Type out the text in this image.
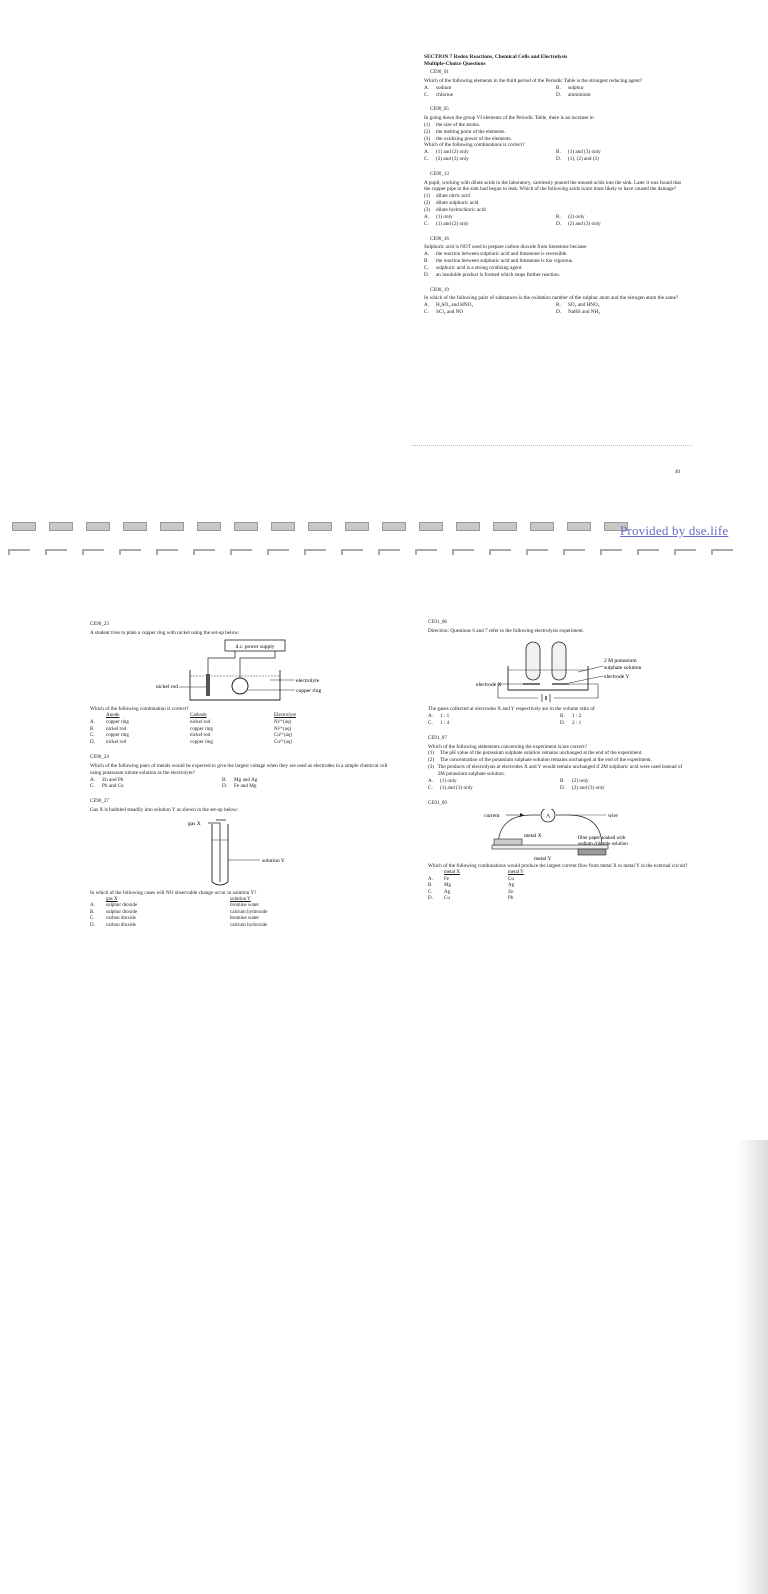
SECTION 7 Redox Reactions, Chemical Cells and Electrolysis
Multiple-Choice Questions
CE90_01
Which of the following elements in the third period of the Periodic Table is the strongest reducing agent?
A.	sodium	B.	sulphur
C.	chlorine	D.	aluminium
CE90_05
In going down the group VI elements of the Periodic Table, there is an increase in
(1)	the size of the atoms.
(2)	the melting point of the elements.
(3)	the oxidizing power of the elements.
Which of the following combinations is correct?
A.	(1) and (2) only	B.	(1) and (3) only
C.	(2) and (3) only	D.	(1), (2) and (3)
CE90_13
A pupil, working with dilute acids in the laboratory, carelessly poured the unused acids into the sink. Later it was found that the copper pipe in the sink had begun to leak. Which of the following acids is/are most likely to have caused the damage?
(1)	dilute nitric acid
(2)	dilute sulphuric acid
(3)	dilute hydrochloric acid
A.	(1) only	B.	(2) only
C.	(1) and (2) only	D.	(2) and (3) only
CE90_16
Sulphuric acid is NOT used to prepare carbon dioxide from limestone because
A.	the reaction between sulphuric acid and limestone is reversible.
B.	the reaction between sulphuric acid and limestone is too vigorous.
C.	sulphuric acid is a strong oxidizing agent.
D.	an insoluble product is formed which stops further reaction.
CE90_19
In which of the following pairs of substances is the oxidation number of the sulphur atom and the nitrogen atom the same?
A.	H₂SO₄ and HNO₂	B.	SO₂ and HNO₃
C.	SCl₂ and NO	D.	NaHS and NH₃
40
Provided by dse.life
CE90_23
A student tries to plate a copper ring with nickel using the set-up below:
d.c. power supply
nickel rod
electrolyte
copper ring
Which of the following combination is correct?
	Anode	Cathode	Electrolyte
A.	copper ring	nickel rod	Ni²⁺(aq)
B.	nickel rod	copper ring	Ni²⁺(aq)
C.	copper ring	nickel rod	Cu²⁺(aq)
D.	nickel rod	copper ring	Cu²⁺(aq)
CE90_24
Which of the following pairs of metals would be expected to give the largest voltage when they are used as electrodes in a simple chemical cell using potassium nitrate solution as the electrolyte?
A.	Zn and Pb	B.	Mg and Ag
C.	Pb and Cu	D.	Fe and Mg
CE90_27
Gas X is bubbled steadily into solution Y as shown in the set-up below:
gas X
solution Y
In which of the following cases will NO observable change occur in solution Y?
	gas X	solution Y
A.	sulphur dioxide	bromine water
B.	sulphur dioxide	calcium hydroxide
C.	carbon dioxide	bromine water
D.	carbon dioxide	calcium hydroxide
CE91_06
Direction: Questions 6 and 7 refer to the following electrolysis experiment.
electrode X
2 M potassium
sulphate solution
electrode Y
The gases collected at electrodes X and Y respectively are in the volume ratio of
A.	1 : 1	B.	1 : 2
C.	1 : 4	D.	2 : 1
CE91_07
Which of the following statements concerning the experiment is/are correct?
(1)	The pH value of the potassium sulphate solution remains unchanged at the end of the experiment.
(2)	The concentration of the potassium sulphate solution remains unchanged at the end of the experiment.
(3) The products of electrolysis at electrodes X and Y would remain unchanged if 2M sulphuric acid were used instead of 2M potassium sulphate solution.
A.	(1) only	B.	(2) only
C.	(1) and (3) only	D.	(2) and (3) only
CE91_09
current	A	wire
metal X	filter paper soaked with
sodium chloride solution
metal Y
Which of the following combinations would produce the largest current flow from metal X to metal Y in the external circuit?
	metal X	metal Y
A.	Fe	Cu
B.	Mg	Ag
C.	Ag	Zn
D.	Cu	Pb
